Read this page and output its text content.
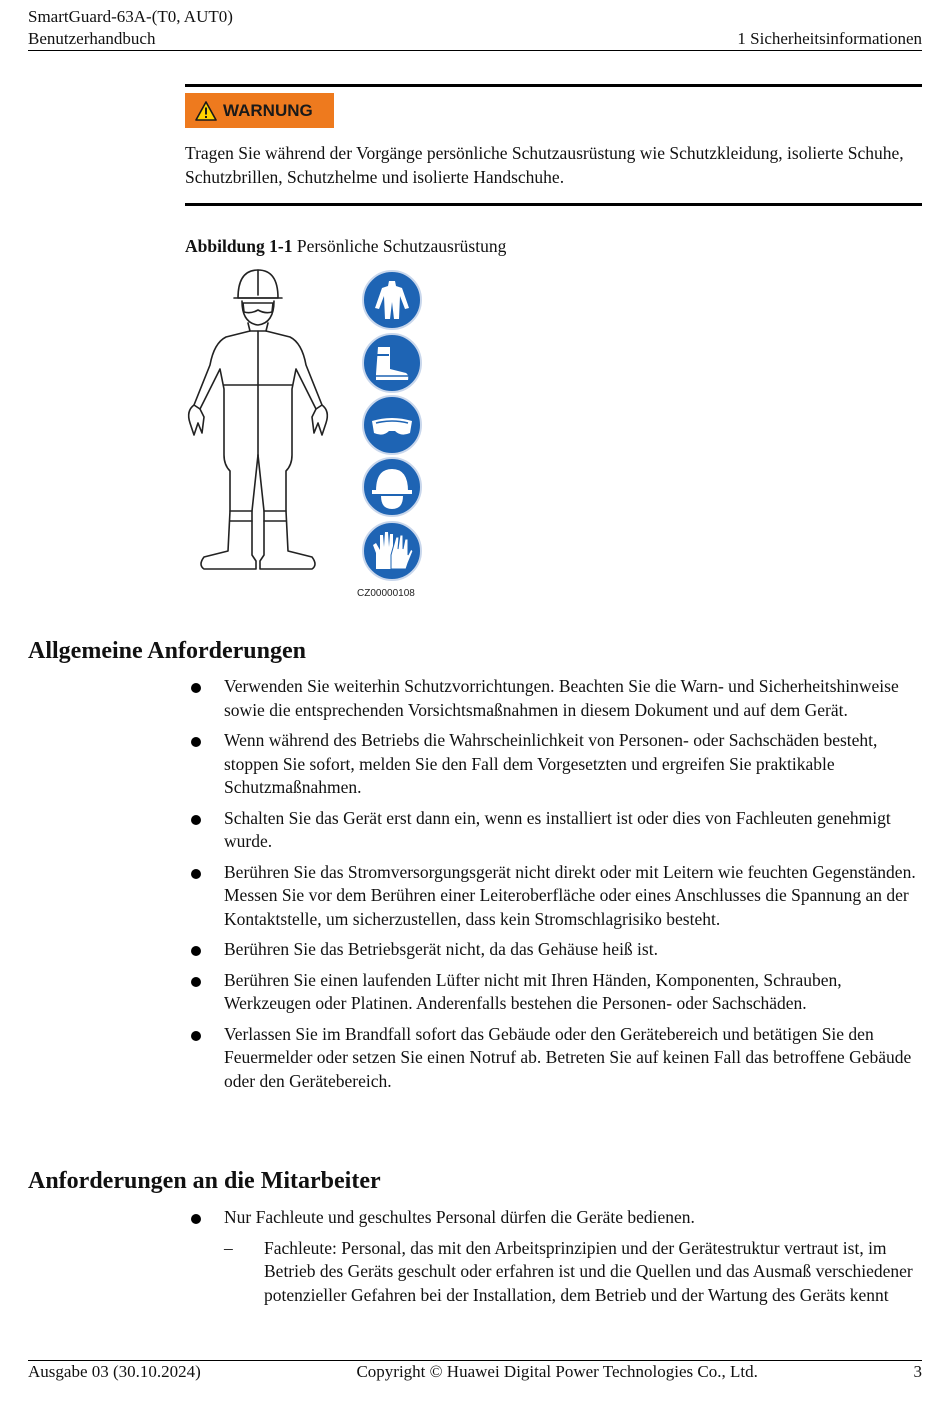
SmartGuard-63A-(T0, AUT0)
Benutzerhandbuch	1 Sicherheitsinformationen
WARNUNG
Tragen Sie während der Vorgänge persönliche Schutzausrüstung wie Schutzkleidung, isolierte Schuhe, Schutzbrillen, Schutzhelme und isolierte Handschuhe.
Abbildung 1-1 Persönliche Schutzausrüstung
CZ00000108
Allgemeine Anforderungen
Verwenden Sie weiterhin Schutzvorrichtungen. Beachten Sie die Warn- und Sicherheitshinweise sowie die entsprechenden Vorsichtsmaßnahmen in diesem Dokument und auf dem Gerät.
Wenn während des Betriebs die Wahrscheinlichkeit von Personen- oder Sachschäden besteht, stoppen Sie sofort, melden Sie den Fall dem Vorgesetzten und ergreifen Sie praktikable Schutzmaßnahmen.
Schalten Sie das Gerät erst dann ein, wenn es installiert ist oder dies von Fachleuten genehmigt wurde.
Berühren Sie das Stromversorgungsgerät nicht direkt oder mit Leitern wie feuchten Gegenständen. Messen Sie vor dem Berühren einer Leiteroberfläche oder eines Anschlusses die Spannung an der Kontaktstelle, um sicherzustellen, dass kein Stromschlagrisiko besteht.
Berühren Sie das Betriebsgerät nicht, da das Gehäuse heiß ist.
Berühren Sie einen laufenden Lüfter nicht mit Ihren Händen, Komponenten, Schrauben, Werkzeugen oder Platinen. Anderenfalls bestehen die Personen- oder Sachschäden.
Verlassen Sie im Brandfall sofort das Gebäude oder den Gerätebereich und betätigen Sie den Feuermelder oder setzen Sie einen Notruf ab. Betreten Sie auf keinen Fall das betroffene Gebäude oder den Gerätebereich.
Anforderungen an die Mitarbeiter
Nur Fachleute und geschultes Personal dürfen die Geräte bedienen.
– Fachleute: Personal, das mit den Arbeitsprinzipien und der Gerätestruktur vertraut ist, im Betrieb des Geräts geschult oder erfahren ist und die Quellen und das Ausmaß verschiedener potenzieller Gefahren bei der Installation, dem Betrieb und der Wartung des Geräts kennt
Ausgabe 03 (30.10.2024)	Copyright © Huawei Digital Power Technologies Co., Ltd.	3
